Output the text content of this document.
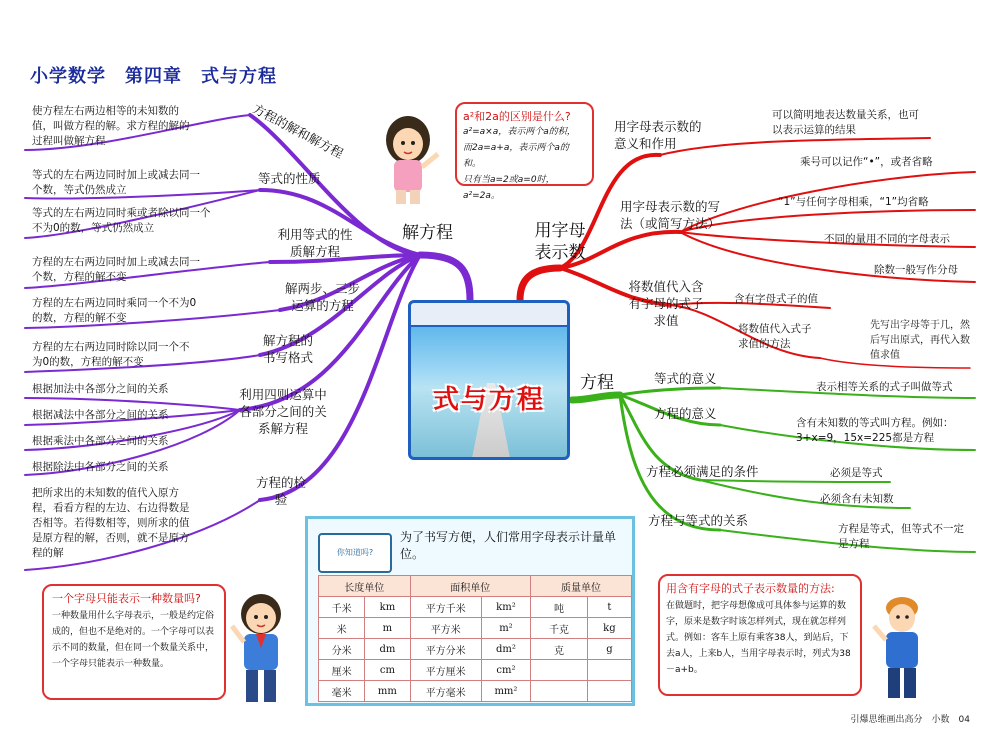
小学数学　第四章　式与方程
式与方程
解方程	用字母表示数
方程
方程的解和解方程
等式的性质
利用等式的性质解方程
解两步、三步运算的方程
解方程的书写格式
利用四则运算中各部分之间的关系解方程
方程的检验
使方程左右两边相等的未知数的值，叫做方程的解。求方程的解的过程叫做解方程
等式的左右两边同时加上或减去同一个数，等式仍然成立
等式的左右两边同时乘或者除以同一个不为0的数，等式仍然成立
方程的左右两边同时加上或减去同一个数，方程的解不变
方程的左右两边同时乘同一个不为0的数，方程的解不变
方程的左右两边同时除以同一个不为0的数，方程的解不变
根据加法中各部分之间的关系
根据减法中各部分之间的关系
根据乘法中各部分之间的关系
根据除法中各部分之间的关系
把所求出的未知数的值代入原方程，看看方程的左边、右边得数是否相等。若得数相等，则所求的值是原方程的解，否则，就不是原方程的解
用字母表示数的意义和作用
用字母表示数的写法（或简写方法）
将数值代入含有字母的式子求值
可以简明地表达数量关系，也可以表示运算的结果
乘号可以记作“•”，或者省略
“1”与任何字母相乘，“1”均省略
不同的量用不同的字母表示
除数一般写作分母
含有字母式子的值
将数值代入式子求值的方法
先写出字母等于几，然后写出原式，再代入数值求值
等式的意义
方程的意义
方程必须满足的条件
方程与等式的关系
表示相等关系的式子叫做等式
含有未知数的等式叫方程。例如：3+x=9，15x=225都是方程
必须是等式
必须含有未知数
方程是等式，但等式不一定是方程
a²和2a的区别是什么?
a²=a×a，表示两个a的积，
而2a=a+a，表示两个a的和。
只有当a=2或a=0时，a²=2a。
一个字母只能表示一种数量吗?
一种数量用什么字母表示，一般是约定俗成的，但也不是绝对的。一个字母可以表示不同的数量，但在同一个数量关系中，一个字母只能表示一种数量。
用含有字母的式子表示数量的方法:
在做题时，把字母想像成可具体参与运算的数字，原来是数字时该怎样列式，现在就怎样列式。例如：客车上原有乘客38人，到站后，下去a人，上来b人，当用字母表示时，列式为38－a+b。
你知道吗?
为了书写方便，人们常用字母表示计量单位。
长度单位		面积单位		质量单位	
千米	km	平方千米	km²	吨	t
米	m	平方米	m²	千克	kg
分米	dm	平方分米	dm²	克	g
厘米	cm	平方厘米	cm²		
毫米	mm	平方毫米	mm²		
引爆思维画出高分　小数　04
